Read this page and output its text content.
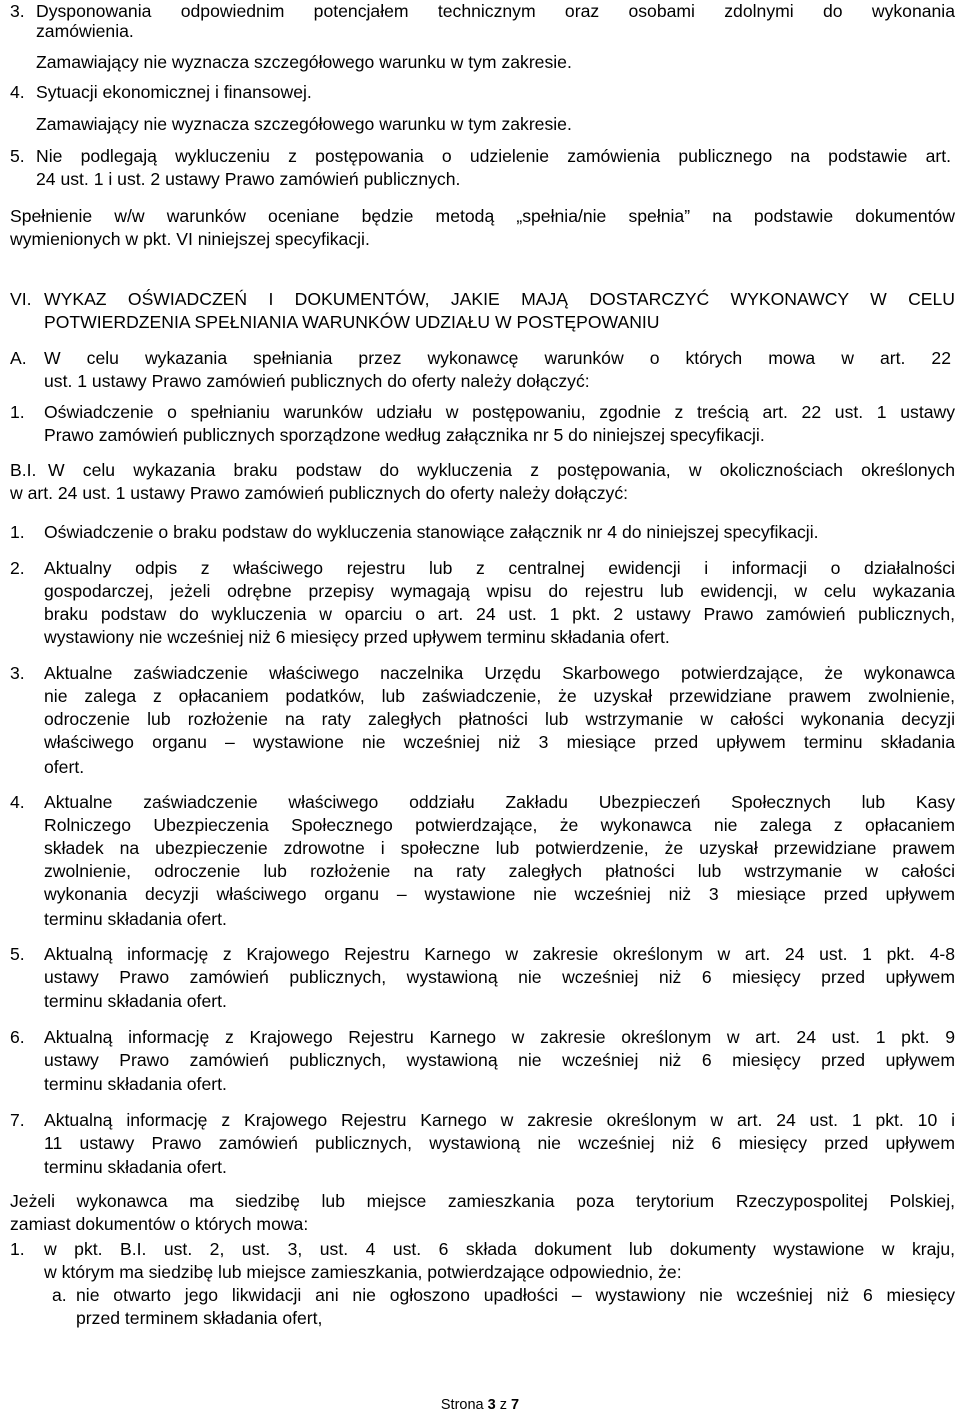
3. Dysponowania odpowiednim potencjałem technicznym oraz osobami zdolnymi do wykonania
zamówienia.
Zamawiający nie wyznacza szczegółowego warunku w tym zakresie.
4. Sytuacji ekonomicznej i finansowej.
Zamawiający nie wyznacza szczegółowego warunku w tym zakresie.
5. Nie podlegają wykluczeniu z postępowania o udzielenie zamówienia publicznego na podstawie art.
24 ust. 1 i ust. 2 ustawy Prawo zamówień publicznych.
Spełnienie w/w warunków oceniane będzie metodą „spełnia/nie spełnia” na podstawie dokumentów
wymienionych w pkt. VI niniejszej specyfikacji.
VI. WYKAZ OŚWIADCZEŃ I DOKUMENTÓW, JAKIE MAJĄ DOSTARCZYĆ WYKONAWCY W CELU
POTWIERDZENIA SPEŁNIANIA WARUNKÓW UDZIAŁU W POSTĘPOWANIU
A. W celu wykazania spełniania przez wykonawcę warunków o których mowa w art. 22
ust. 1 ustawy Prawo zamówień publicznych do oferty należy dołączyć:
1. Oświadczenie o spełnianiu warunków udziału w postępowaniu, zgodnie z treścią art. 22 ust. 1 ustawy
Prawo zamówień publicznych sporządzone według załącznika nr 5 do niniejszej specyfikacji.
B.I. W celu wykazania braku podstaw do wykluczenia z postępowania, w okolicznościach określonych
w art. 24 ust. 1 ustawy Prawo zamówień publicznych do oferty należy dołączyć:
1. Oświadczenie o braku podstaw do wykluczenia stanowiące załącznik nr 4 do niniejszej specyfikacji.
2. Aktualny odpis z właściwego rejestru lub z centralnej ewidencji i informacji o działalności
gospodarczej, jeżeli odrębne przepisy wymagają wpisu do rejestru lub ewidencji, w celu wykazania
braku podstaw do wykluczenia w oparciu o art. 24 ust. 1 pkt. 2 ustawy Prawo zamówień publicznych,
wystawiony nie wcześniej niż 6 miesięcy przed upływem terminu składania ofert.
3. Aktualne zaświadczenie właściwego naczelnika Urzędu Skarbowego potwierdzające, że wykonawca
nie zalega z opłacaniem podatków, lub zaświadczenie, że uzyskał przewidziane prawem zwolnienie,
odroczenie lub rozłożenie na raty zaległych płatności lub wstrzymanie w całości wykonania decyzji
właściwego organu – wystawione nie wcześniej niż 3 miesiące przed upływem terminu składania
ofert.
4. Aktualne zaświadczenie właściwego oddziału Zakładu Ubezpieczeń Społecznych lub Kasy
Rolniczego Ubezpieczenia Społecznego potwierdzające, że wykonawca nie zalega z opłacaniem
składek na ubezpieczenie zdrowotne i społeczne lub potwierdzenie, że uzyskał przewidziane prawem
zwolnienie, odroczenie lub rozłożenie na raty zaległych płatności lub wstrzymanie w całości
wykonania decyzji właściwego organu – wystawione nie wcześniej niż 3 miesiące przed upływem
terminu składania ofert.
5. Aktualną informację z Krajowego Rejestru Karnego w zakresie określonym w art. 24 ust. 1 pkt. 4-8
ustawy Prawo zamówień publicznych, wystawioną nie wcześniej niż 6 miesięcy przed upływem
terminu składania ofert.
6. Aktualną informację z Krajowego Rejestru Karnego w zakresie określonym w art. 24 ust. 1 pkt. 9
ustawy Prawo zamówień publicznych, wystawioną nie wcześniej niż 6 miesięcy przed upływem
terminu składania ofert.
7. Aktualną informację z Krajowego Rejestru Karnego w zakresie określonym w art. 24 ust. 1 pkt. 10 i
11 ustawy Prawo zamówień publicznych, wystawioną nie wcześniej niż 6 miesięcy przed upływem
terminu składania ofert.
Jeżeli wykonawca ma siedzibę lub miejsce zamieszkania poza terytorium Rzeczypospolitej Polskiej,
zamiast dokumentów o których mowa:
1. w pkt. B.I. ust. 2, ust. 3, ust. 4 ust. 6 składa dokument lub dokumenty wystawione w kraju,
w którym ma siedzibę lub miejsce zamieszkania, potwierdzające odpowiednio, że:
a. nie otwarto jego likwidacji ani nie ogłoszono upadłości – wystawiony nie wcześniej niż 6 miesięcy
przed terminem składania ofert,
Strona 3 z 7
